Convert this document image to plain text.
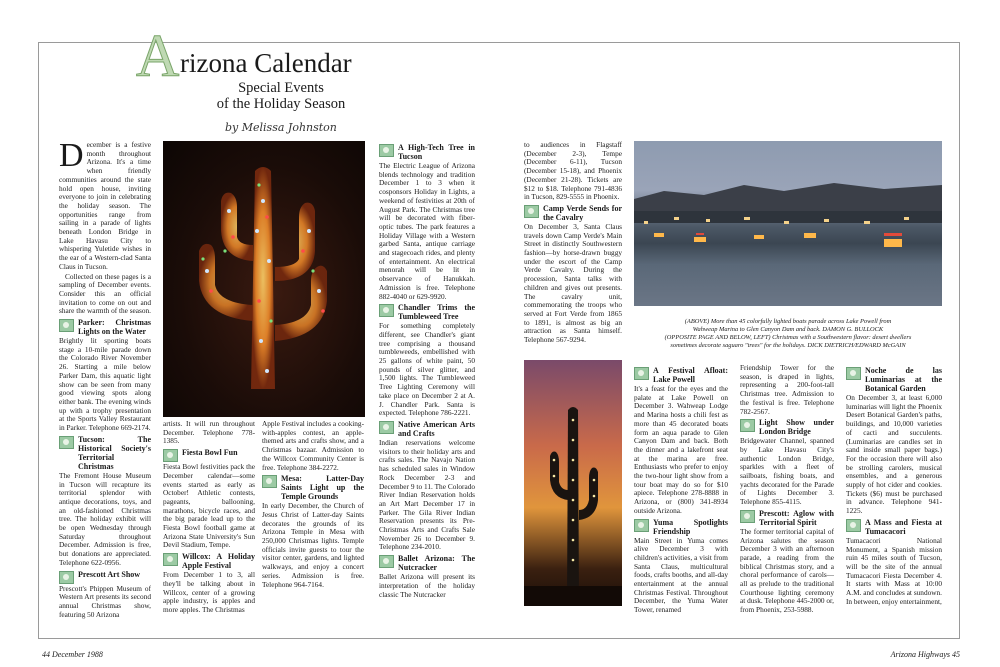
A rizona Calendar
Special Events
of the Holiday Season
by Melissa Johnston

December is a festive month throughout Arizona. It's a time when friendly communities around the state hold open house, inviting everyone to join in celebrating the holiday season. The opportunities range from sailing in a parade of lights beneath London Bridge in Lake Havasu City to whispering Yuletide wishes in the ear of a Western-clad Santa Claus in Tucson.

Collected on these pages is a sampling of December events. Consider this an official invitation to come on out and share the warmth of the season.

Parker: Christmas Lights on the Water

Brightly lit sporting boats stage a 10-mile parade down the Colorado River November 26. Starting a mile below Parker Dam, this aquatic light show can be seen from many good viewing spots along either bank. The evening winds up with a trophy presentation at the Sports Valley Restaurant in Parker. Telephone 669-2174.

Tucson: The Historical Society's Territorial Christmas

The Fremont House Museum in Tucson will recapture its territorial splendor with antique decorations, toys, and an old-fashioned Christmas tree. The holiday exhibit will be open Wednesday through Saturday throughout December. Admission is free, but donations are appreciated. Telephone 622-0956.

Prescott Art Show

Prescott's Phippen Museum of Western Art presents its second annual Christmas show, featuring 50 Arizona

artists. It will run throughout December. Telephone 778-1385.

Fiesta Bowl Fun

Fiesta Bowl festivities pack the December calendar—some events started as early as October! Athletic contests, pageants, ballooning, marathons, bicycle races, and the big parade lead up to the Fiesta Bowl football game at Arizona State University's Sun Devil Stadium, Tempe.

Willcox: A Holiday Apple Festival

From December 1 to 3, all they'll be talking about in Willcox, center of a growing apple industry, is apples and more apples. The Christmas

Apple Festival includes a cooking-with-apples contest, an apple-themed arts and crafts show, and a Christmas bazaar. Admission to the Willcox Community Center is free. Telephone 384-2272.

Mesa: Latter-Day Saints Light up the Temple Grounds

In early December, the Church of Jesus Christ of Latter-day Saints decorates the grounds of its Arizona Temple in Mesa with 250,000 Christmas lights. Temple officials invite guests to tour the visitor center, gardens, and lighted walkways, and enjoy a concert series. Admission is free. Telephone 964-7164.

A High-Tech Tree in Tucson

The Electric League of Arizona blends technology and tradition December 1 to 3 when it cosponsors Holiday in Lights, a weekend of festivities at 20th of August Park. The Christmas tree will be decorated with fiber-optic tubes. The park features a Holiday Village with a Western garbed Santa, antique carriage and stagecoach rides, and plenty of entertainment. An electrical menorah will be lit in observance of Hanukkah. Admission is free. Telephone 882-4040 or 629-9920.

Chandler Trims the Tumbleweed Tree

For something completely different, see Chandler's giant tree comprising a thousand tumbleweeds, embellished with 25 gallons of white paint, 50 pounds of silver glitter, and 1,500 lights. The Tumbleweed Tree Lighting Ceremony will take place on December 2 at A. J. Chandler Park. Santa is expected. Telephone 786-2221.

Native American Arts and Crafts

Indian reservations welcome visitors to their holiday arts and crafts sales. The Navajo Nation has scheduled sales in Window Rock December 2-3 and December 9 to 11. The Colorado River Indian Reservation holds an Art Mart December 17 in Parker. The Gila River Indian Reservation presents its Pre-Christmas Arts and Crafts Sale November 26 to December 9. Telephone 234-2010.

Ballet Arizona: The Nutcracker

Ballet Arizona will present its interpretation of the holiday classic The Nutcracker

to audiences in Flagstaff (December 2-3), Tempe (December 6-11), Tucson (December 15-18), and Phoenix (December 21-28). Tickets are $12 to $18. Telephone 791-4836 in Tucson, 829-5555 in Phoenix.

Camp Verde Sends for the Cavalry

On December 3, Santa Claus travels down Camp Verde's Main Street in distinctly Southwestern fashion—by horse-drawn buggy under the escort of the Camp Verde Cavalry. During the procession, Santa talks with children and gives out presents. The cavalry unit, commemorating the troops who served at Fort Verde from 1865 to 1891, is almost as big an attraction as Santa himself. Telephone 567-9294.

(ABOVE) More than 45 colorfully lighted boats parade across Lake Powell from
Wahweap Marina to Glen Canyon Dam and back. DAMON G. BULLOCK
(OPPOSITE PAGE AND BELOW, LEFT) Christmas with a Southwestern flavor: desert dwellers
sometimes decorate saguaro "trees" for the holidays. DICK DIETRICH/EDWARD McGAIN
A Festival Afloat: Lake Powell

It's a feast for the eyes and the palate at Lake Powell on December 3. Wahweap Lodge and Marina hosts a chili fest as more than 45 decorated boats form an aqua parade to Glen Canyon Dam and back. Both the dinner and a lakefront seat at the marina are free. Enthusiasts who prefer to enjoy the two-hour light show from a tour boat may do so for $10 apiece. Telephone 278-8888 in Arizona, or (800) 341-8934 outside Arizona.

Yuma Spotlights Friendship

Main Street in Yuma comes alive December 3 with children's activities, a visit from Santa Claus, multicultural foods, crafts booths, and all-day entertainment at the annual Christmas Festival. Throughout December, the Yuma Water Tower, renamed

Friendship Tower for the season, is draped in lights, representing a 200-foot-tall Christmas tree. Admission to the festival is free. Telephone 782-2567.

Light Show under London Bridge

Bridgewater Channel, spanned by Lake Havasu City's authentic London Bridge, sparkles with a fleet of sailboats, fishing boats, and yachts decorated for the Parade of Lights December 3. Telephone 855-4115.

Prescott: Aglow with Territorial Spirit

The former territorial capital of Arizona salutes the season December 3 with an afternoon parade, a reading from the biblical Christmas story, and a choral performance of carols—all as prelude to the traditional Courthouse lighting ceremony at dusk. Telephone 445-2000 or, from Phoenix, 253-5988.

Noche de las Luminarias at the Botanical Garden

On December 3, at least 6,000 luminarias will light the Phoenix Desert Botanical Garden's paths, buildings, and 10,000 varieties of cacti and succulents. (Luminarias are candles set in sand inside small paper bags.) For the occasion there will also be strolling carolers, musical ensembles, and a generous supply of hot cider and cookies. Tickets ($6) must be purchased in advance. Telephone 941-1225.

A Mass and Fiesta at Tumacacori

Tumacacori National Monument, a Spanish mission ruin 45 miles south of Tucson, will be the site of the annual Tumacacori Fiesta December 4. It starts with Mass at 10:00 A.M. and concludes at sundown. In between, enjoy entertainment,

44 December 1988	Arizona Highways 45
